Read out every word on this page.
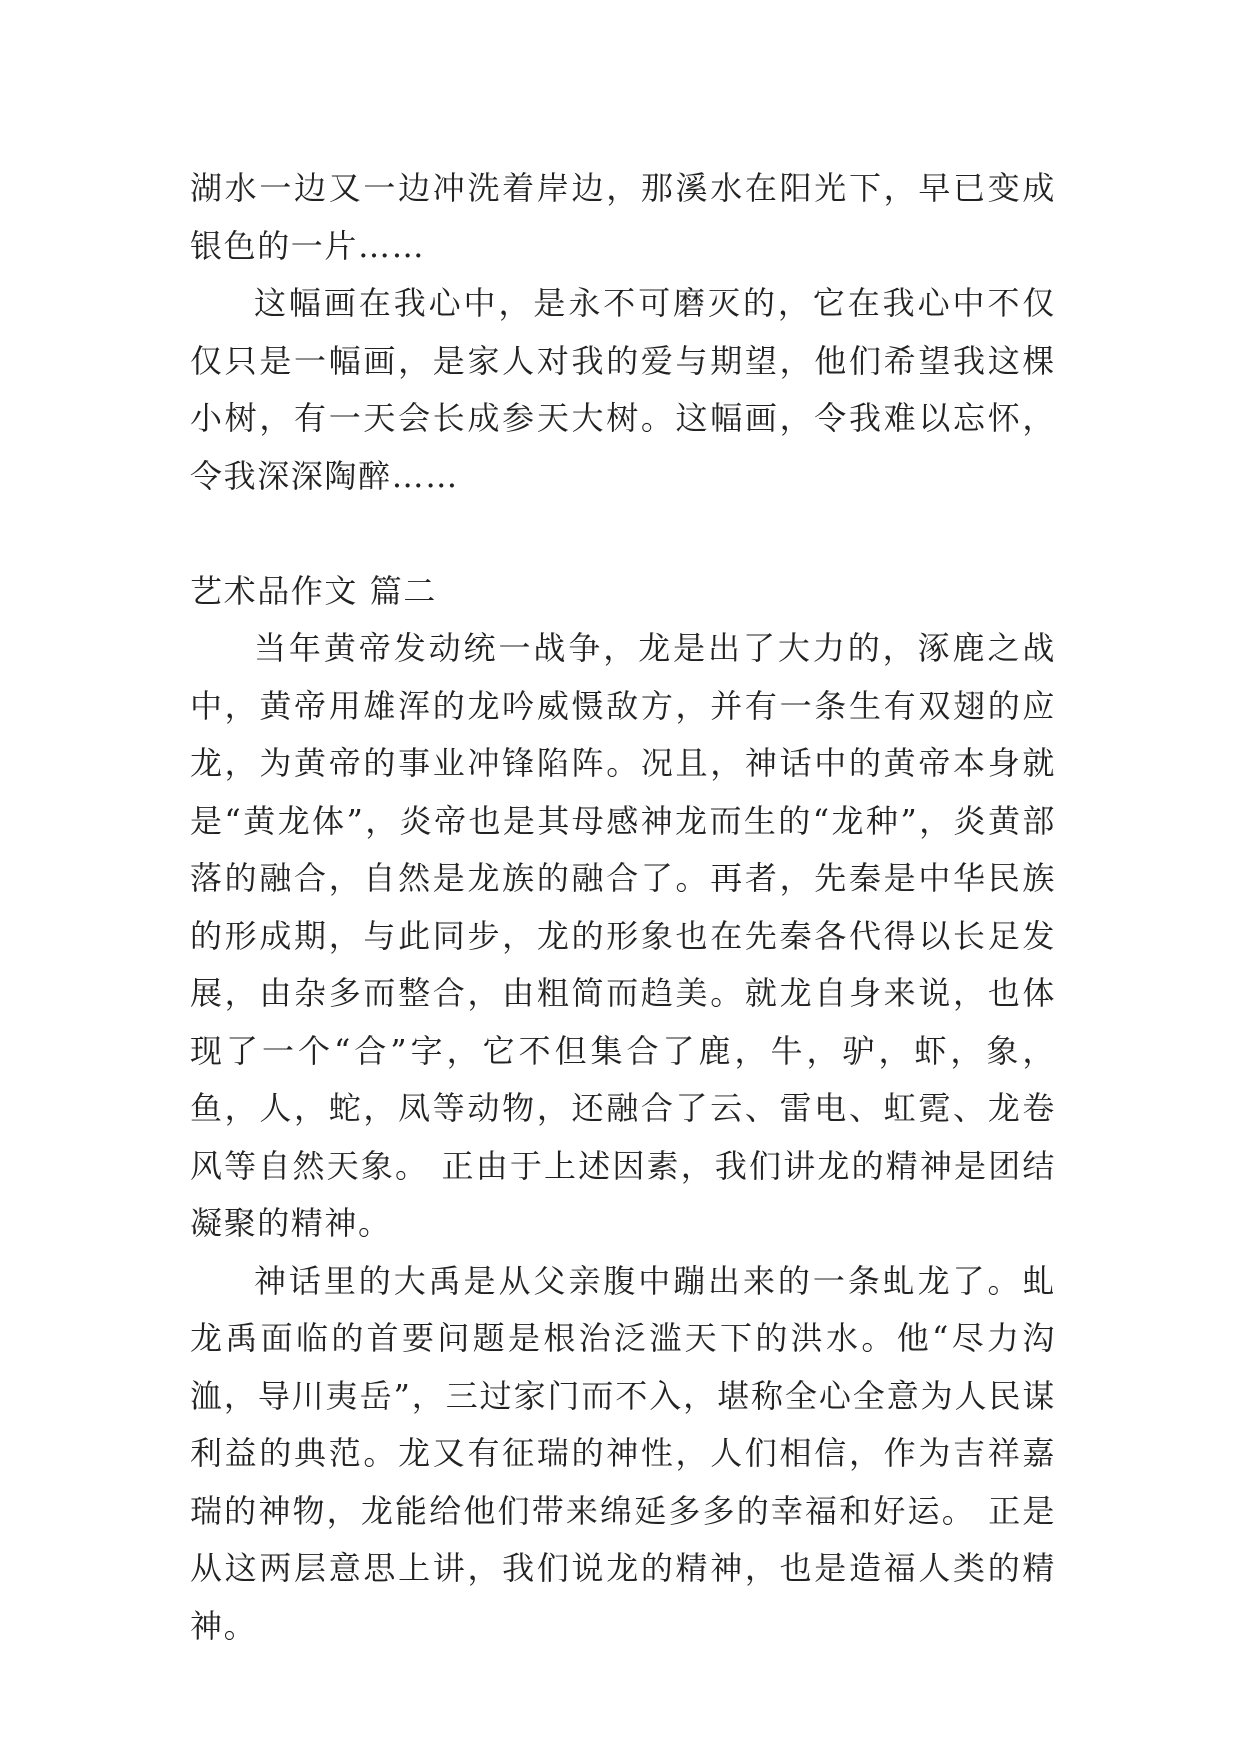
湖水一边又一边冲洗着岸边，那溪水在阳光下，早已变成银色的一片……

这幅画在我心中，是永不可磨灭的，它在我心中不仅仅只是一幅画，是家人对我的爱与期望，他们希望我这棵小树，有一天会长成参天大树。这幅画，令我难以忘怀，令我深深陶醉……

艺术品作文 篇二

当年黄帝发动统一战争，龙是出了大力的，涿鹿之战中，黄帝用雄浑的龙吟威慑敌方，并有一条生有双翅的应龙，为黄帝的事业冲锋陷阵。况且，神话中的黄帝本身就是“黄龙体”，炎帝也是其母感神龙而生的“龙种”，炎黄部落的融合，自然是龙族的融合了。再者，先秦是中华民族的形成期，与此同步，龙的形象也在先秦各代得以长足发展，由杂多而整合，由粗简而趋美。就龙自身来说，也体现了一个“合”字，它不但集合了鹿，牛，驴，虾，象，鱼，人，蛇，凤等动物，还融合了云、雷电、虹霓、龙卷风等自然天象。 正由于上述因素，我们讲龙的精神是团结凝聚的精神。

神话里的大禹是从父亲腹中蹦出来的一条虬龙了。虬龙禹面临的首要问题是根治泛滥天下的洪水。他“尽力沟洫，导川夷岳”，三过家门而不入，堪称全心全意为人民谋利益的典范。龙又有征瑞的神性，人们相信，作为吉祥嘉瑞的神物，龙能给他们带来绵延多多的幸福和好运。 正是从这两层意思上讲，我们说龙的精神，也是造福人类的精神。
